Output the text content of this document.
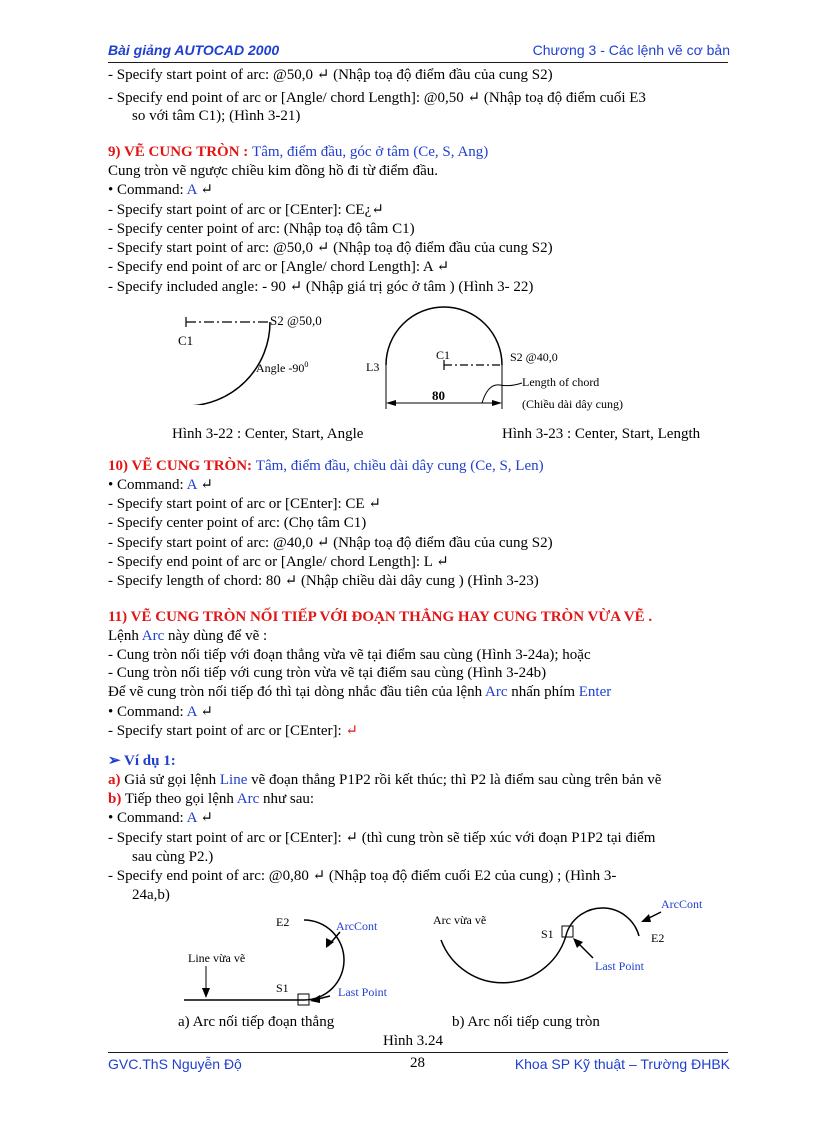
Bài giảng AUTOCAD 2000	Chương 3 - Các lệnh vẽ cơ bản
- Specify start point of arc: @50,0 ↵ (Nhập toạ độ điểm đầu của cung S2)
- Specify end point of arc or [Angle/ chord Length]: @0,50 ↵ (Nhập toạ độ điểm cuối E3
so với tâm C1); (Hình 3-21)
9) VẼ CUNG TRÒN : Tâm, điểm đầu, góc ở tâm (Ce, S, Ang)
Cung tròn vẽ ngược chiều kim đồng hồ đi từ điểm đầu.
• Command: A ↵
- Specify start point of arc or [CEnter]: CE¿↵
- Specify center point of arc: (Nhập toạ độ tâm C1)
- Specify start point of arc: @50,0 ↵ (Nhập toạ độ điểm đầu của cung S2)
- Specify end point of arc or [Angle/ chord Length]: A ↵
- Specify included angle: - 90 ↵ (Nhập giá trị góc ở tâm ) (Hình 3- 22)
S2 @50,0
C1
Angle $-90^0$	L3
C1	S2 @40,0
Length of chord
80
(Chiều dài dây cung)
Hình 3-22 : Center, Start, Angle	Hình 3-23 : Center, Start, Length
10) VẼ CUNG TRÒN: Tâm, điểm đầu, chiều dài dây cung (Ce, S, Len)
• Command: A ↵
- Specify start point of arc or [CEnter]: CE ↵
- Specify center point of arc: (Chọ tâm C1)
- Specify start point of arc: @40,0 ↵ (Nhập toạ độ điểm đầu của cung S2)
- Specify end point of arc or [Angle/ chord Length]: L ↵
- Specify length of chord: 80 ↵ (Nhập chiều dài dây cung ) (Hình 3-23)
11) VẼ CUNG TRÒN NỐI TIẾP VỚI ĐOẠN THẲNG HAY CUNG TRÒN VỪA VẼ .
Lệnh Arc này dùng để vẽ :
- Cung tròn nối tiếp với đoạn thẳng vừa vẽ tại điểm sau cùng (Hình 3-24a); hoặc
- Cung tròn nối tiếp với cung tròn vừa vẽ tại điểm sau cùng (Hình 3-24b)
Để vẽ cung tròn nối tiếp đó thì tại dòng nhắc đầu tiên của lệnh Arc nhấn phím Enter
• Command: A ↵
- Specify start point of arc or [CEnter]: ↵
➢ Ví dụ 1:
a) Giả sử gọi lệnh Line vẽ đoạn thẳng P1P2 rồi kết thúc; thì P2 là điểm sau cùng trên bản vẽ
b) Tiếp theo gọi lệnh Arc như sau:
• Command: A ↵
- Specify start point of arc or [CEnter]: ↵ (thì cung tròn sẽ tiếp xúc với đoạn P1P2 tại điểm
sau cùng P2.)
- Specify end point of arc: @0,80 ↵ (Nhập toạ độ điểm cuối E2 của cung) ; (Hình 3-
24a,b)
E2	ArcCont
Line vừa vẽ
S1	Last Point
Arc vừa vẽ
S1
ArcCont
E2
Last Point
a) Arc nối tiếp đoạn thẳng	b) Arc nối tiếp cung tròn
Hình 3.24
GVC.ThS Nguyễn Độ	28	Khoa SP Kỹ thuật – Trường ĐHBK
